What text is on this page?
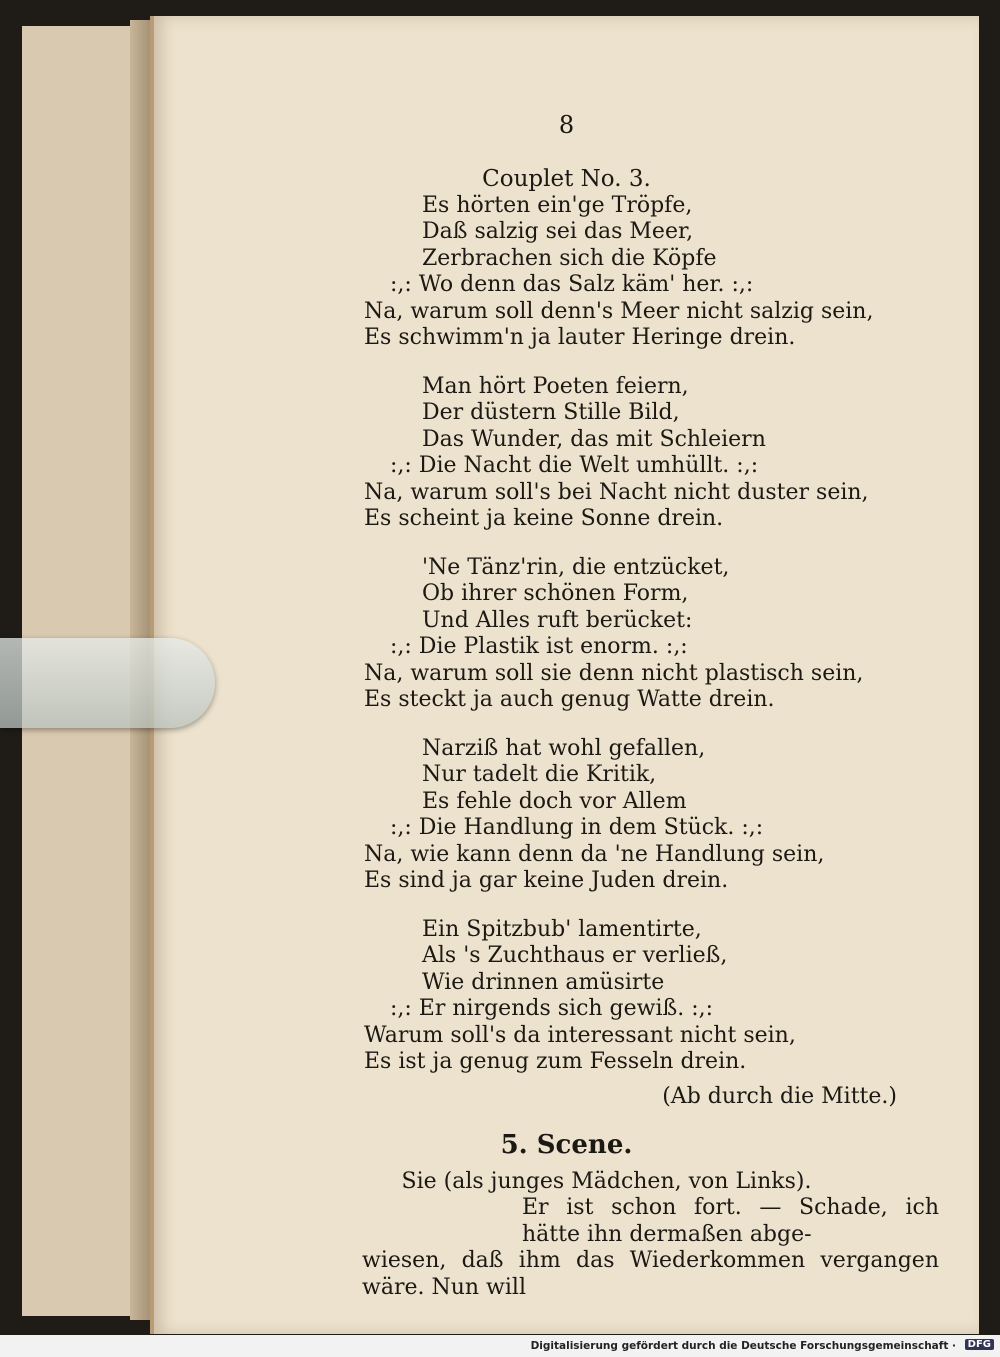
8
Couplet No. 3.
Es hörten ein'ge Tröpfe,
Daß salzig sei das Meer,
Zerbrachen sich die Köpfe
:,: Wo denn das Salz käm' her. :,:
Na, warum soll denn's Meer nicht salzig sein,
Es schwimm'n ja lauter Heringe drein.
Man hört Poeten feiern,
Der düstern Stille Bild,
Das Wunder, das mit Schleiern
:,: Die Nacht die Welt umhüllt. :,:
Na, warum soll's bei Nacht nicht duster sein,
Es scheint ja keine Sonne drein.
'Ne Tänz'rin, die entzücket,
Ob ihrer schönen Form,
Und Alles ruft berücket:
:,: Die Plastik ist enorm. :,:
Na, warum soll sie denn nicht plastisch sein,
Es steckt ja auch genug Watte drein.
Narziß hat wohl gefallen,
Nur tadelt die Kritik,
Es fehle doch vor Allem
:,: Die Handlung in dem Stück. :,:
Na, wie kann denn da 'ne Handlung sein,
Es sind ja gar keine Juden drein.
Ein Spitzbub' lamentirte,
Als 's Zuchthaus er verließ,
Wie drinnen amüsirte
:,: Er nirgends sich gewiß. :,:
Warum soll's da interessant nicht sein,
Es ist ja genug zum Fesseln drein.
(Ab durch die Mitte.)
5. Scene.
Sie (als junges Mädchen, von Links).
Er ist schon fort. — Schade, ich hätte ihn dermaßen abge-
wiesen, daß ihm das Wiederkommen vergangen wäre. Nun will
Digitalisierung gefördert durch die Deutsche Forschungsgemeinschaft ·	DFG
